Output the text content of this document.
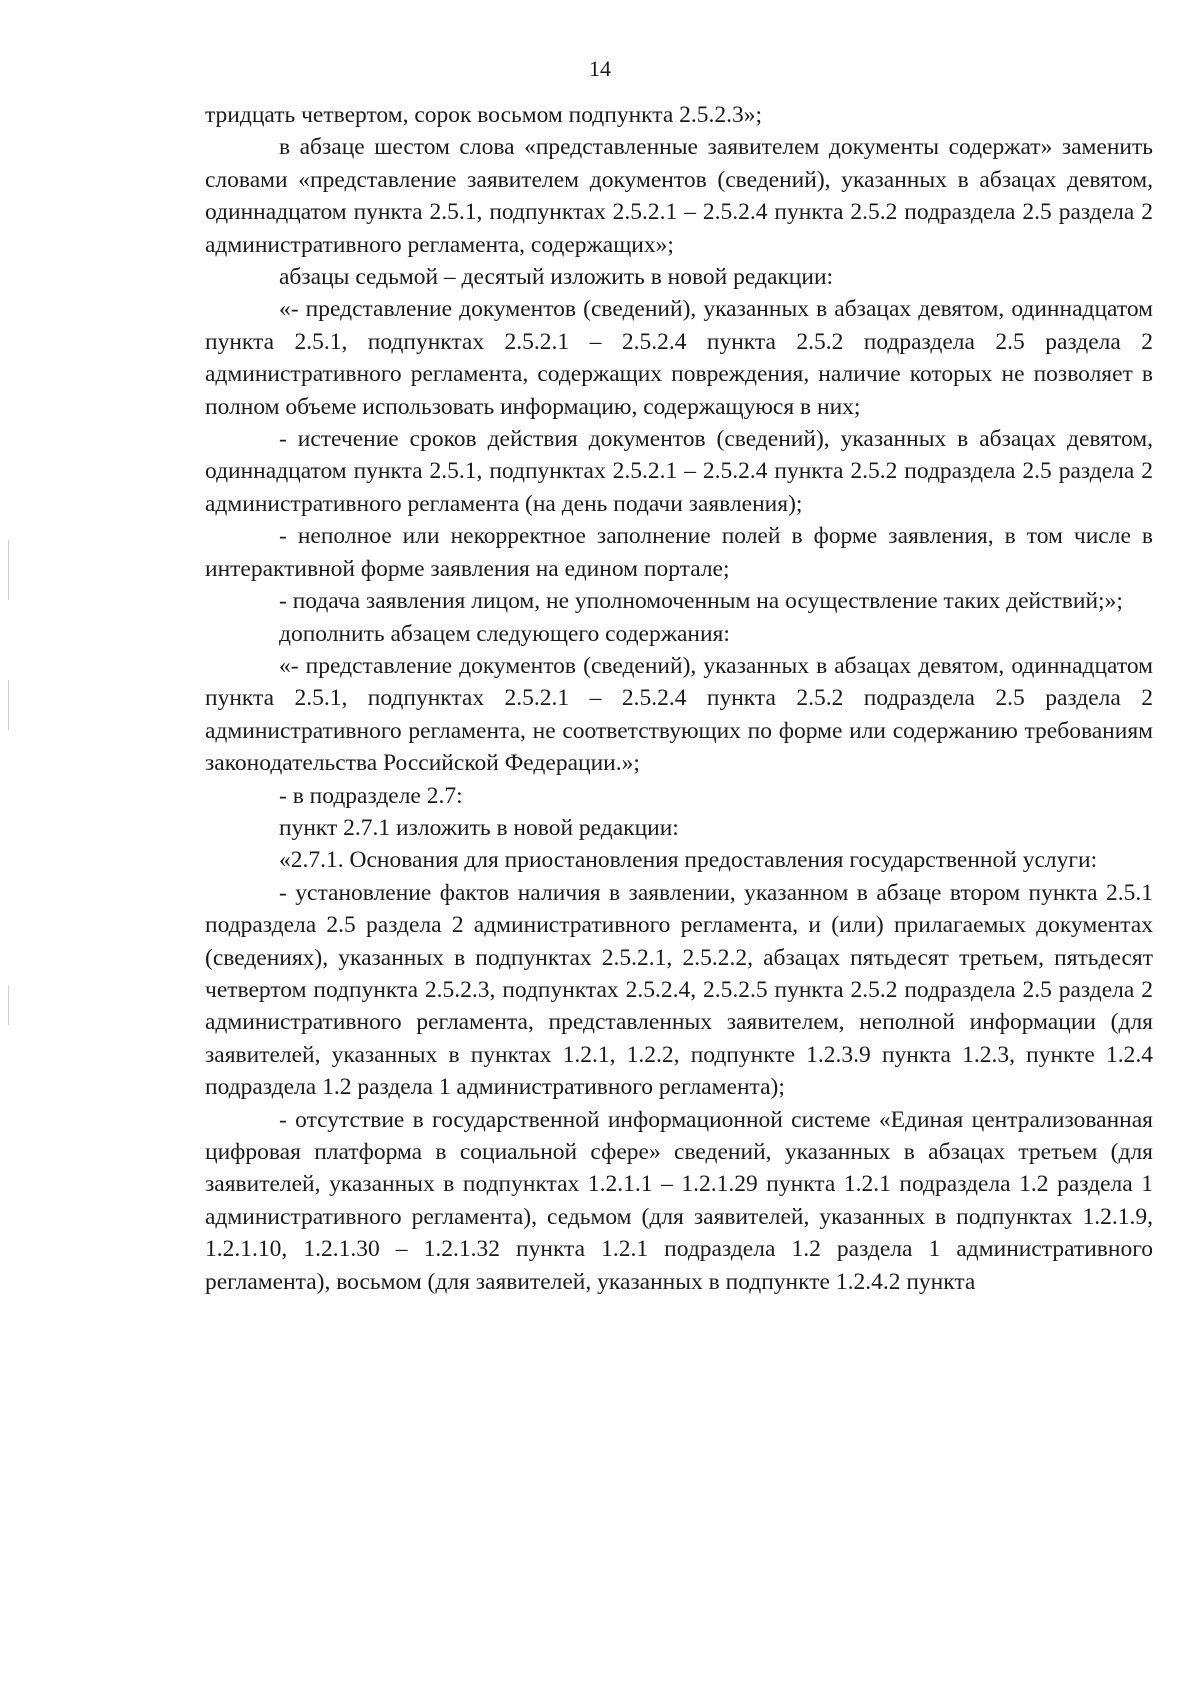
14

тридцать четвертом, сорок восьмом подпункта 2.5.2.3»;

в абзаце шестом слова «представленные заявителем документы содержат» заменить словами «представление заявителем документов (сведений), указанных в абзацах девятом, одиннадцатом пункта 2.5.1, подпунктах 2.5.2.1 – 2.5.2.4 пункта 2.5.2 подраздела 2.5 раздела 2 административного регламента, содержащих»;

абзацы седьмой – десятый изложить в новой редакции:

«- представление документов (сведений), указанных в абзацах девятом, одиннадцатом пункта 2.5.1, подпунктах 2.5.2.1 – 2.5.2.4 пункта 2.5.2 подраздела 2.5 раздела 2 административного регламента, содержащих повреждения, наличие которых не позволяет в полном объеме использовать информацию, содержащуюся в них;

- истечение сроков действия документов (сведений), указанных в абзацах девятом, одиннадцатом пункта 2.5.1, подпунктах 2.5.2.1 – 2.5.2.4 пункта 2.5.2 подраздела 2.5 раздела 2 административного регламента (на день подачи заявления);

- неполное или некорректное заполнение полей в форме заявления, в том числе в интерактивной форме заявления на едином портале;

- подача заявления лицом, не уполномоченным на осуществление таких действий;»;

дополнить абзацем следующего содержания:

«- представление документов (сведений), указанных в абзацах девятом, одиннадцатом пункта 2.5.1, подпунктах 2.5.2.1 – 2.5.2.4 пункта 2.5.2 подраздела 2.5 раздела 2 административного регламента, не соответствующих по форме или содержанию требованиям законодательства Российской Федерации.»;

- в подразделе 2.7:

пункт 2.7.1 изложить в новой редакции:

«2.7.1. Основания для приостановления предоставления государственной услуги:

- установление фактов наличия в заявлении, указанном в абзаце втором пункта 2.5.1 подраздела 2.5 раздела 2 административного регламента, и (или) прилагаемых документах (сведениях), указанных в подпунктах 2.5.2.1, 2.5.2.2, абзацах пятьдесят третьем, пятьдесят четвертом подпункта 2.5.2.3, подпунктах 2.5.2.4, 2.5.2.5 пункта 2.5.2 подраздела 2.5 раздела 2 административного регламента, представленных заявителем, неполной информации (для заявителей, указанных в пунктах 1.2.1, 1.2.2, подпункте 1.2.3.9 пункта 1.2.3, пункте 1.2.4 подраздела 1.2 раздела 1 административного регламента);

- отсутствие в государственной информационной системе «Единая централизованная цифровая платформа в социальной сфере» сведений, указанных в абзацах третьем (для заявителей, указанных в подпунктах 1.2.1.1 – 1.2.1.29 пункта 1.2.1 подраздела 1.2 раздела 1 административного регламента), седьмом (для заявителей, указанных в подпунктах 1.2.1.9, 1.2.1.10, 1.2.1.30 – 1.2.1.32 пункта 1.2.1 подраздела 1.2 раздела 1 административного регламента), восьмом (для заявителей, указанных в подпункте 1.2.4.2 пункта
